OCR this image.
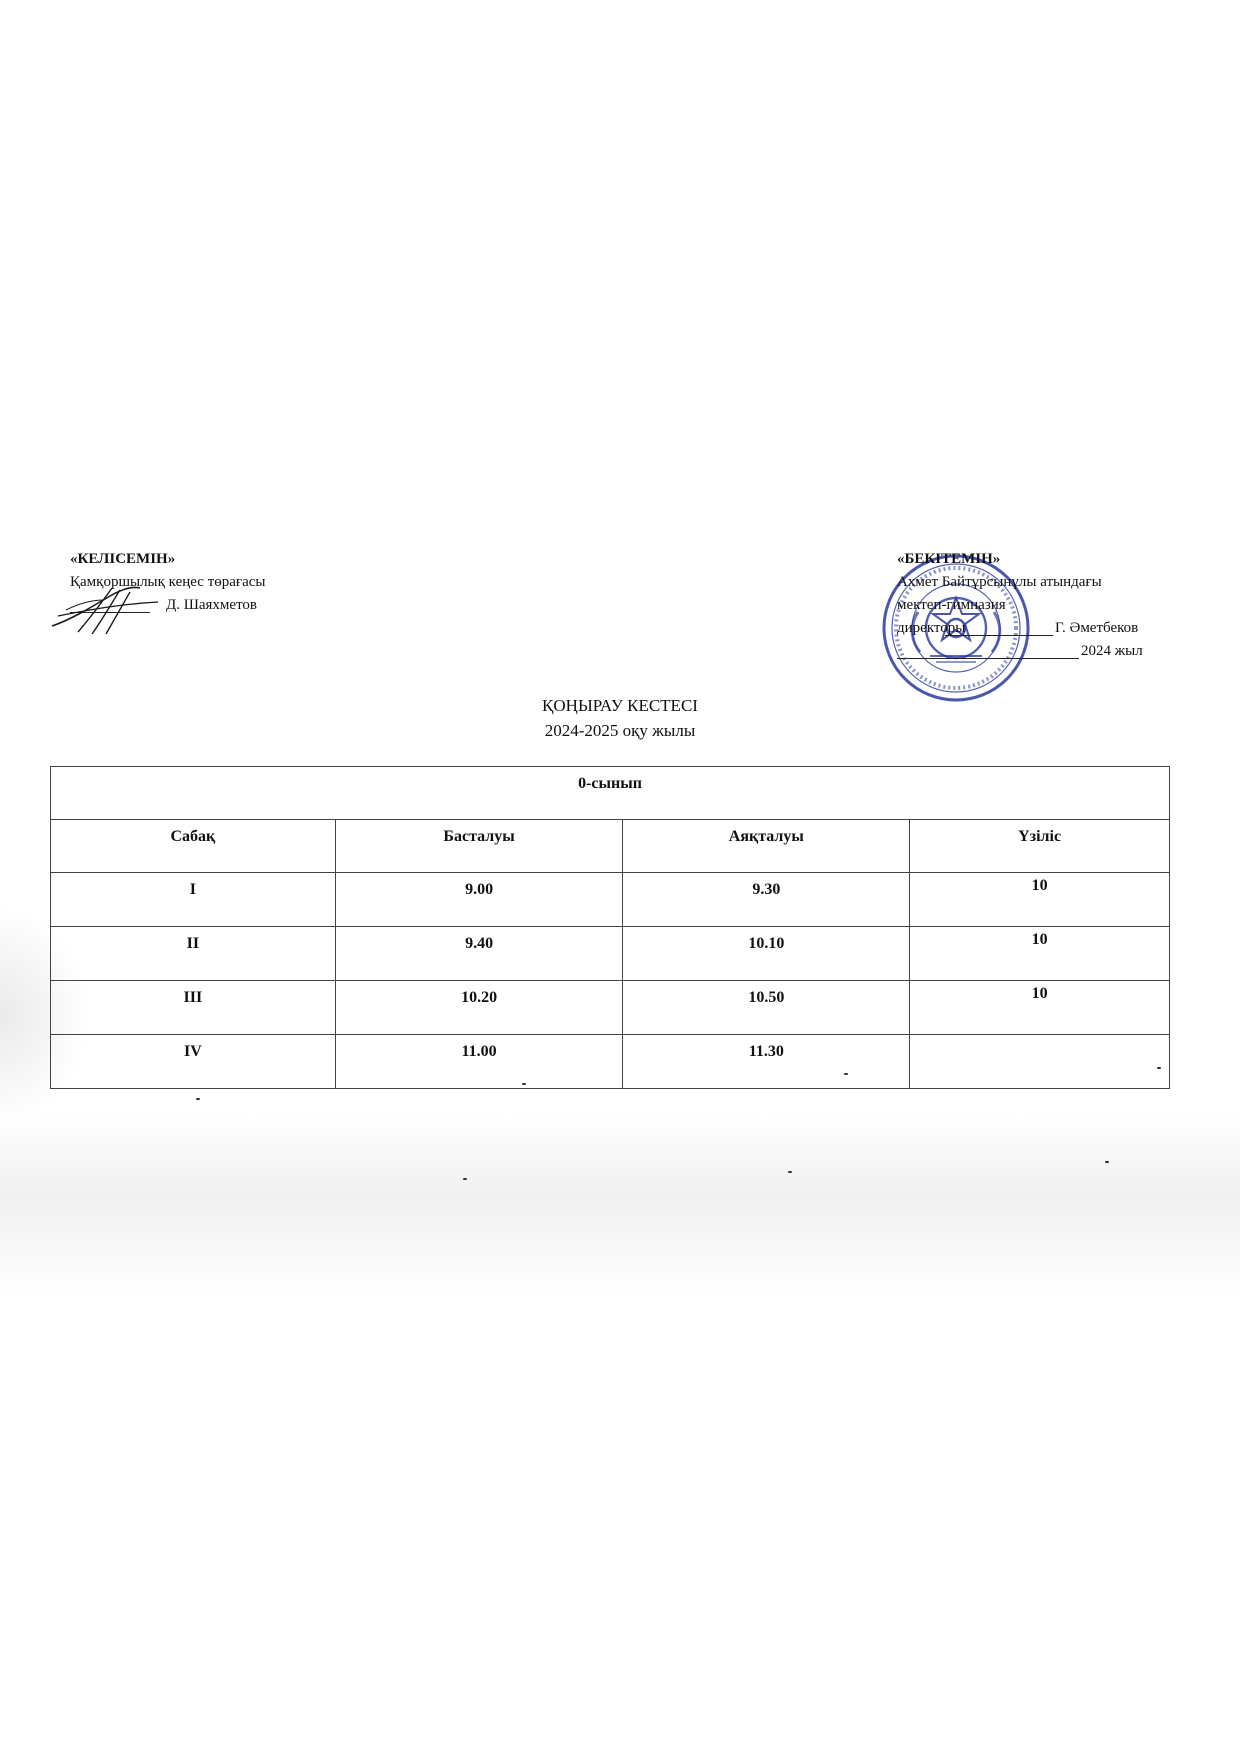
«КЕЛІСЕМІН»
Қамқоршылық кеңес төрағасы
Д. Шаяхметов
«БЕКІТЕМІН»
Ахмет Байтұрсынұлы атындағы
мектеп-гимназия
директоры	Г. Әметбеков
2024 жыл
ҚОҢЫРАУ КЕСТЕСІ
2024-2025 оқу жылы
0-сынып			
Сабақ	Басталуы	Аяқталуы	Үзіліс
I	9.00	9.30	10
II	9.40	10.10	10
III	10.20	10.50	10
IV	11.00	11.30	
